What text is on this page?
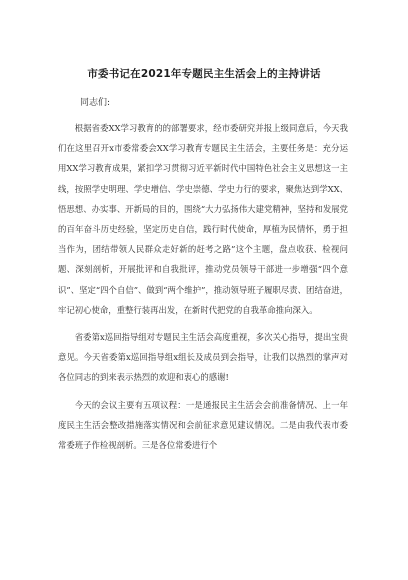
市委书记在2021年专题民主生活会上的主持讲话
同志们:

根据省委XX学习教育的的部署要求，经市委研究并报上级同意后，今天我们在这里召开x市委常委会XX学习教育专题民主生活会，主要任务是：充分运用XX学习教育成果，紧扣学习贯彻习近平新时代中国特色社会主义思想这一主线，按照学史明理、学史增信、学史崇德、学史力行的要求，聚焦达到学XX、悟思想、办实事、开新局的目的，围绕“大力弘扬伟大建党精神，坚持和发展党的百年奋斗历史经验，坚定历史自信，践行时代使命，厚植为民情怀，勇于担当作为，团结带领人民群众走好新的赶考之路”这个主题，盘点收获、检视问题、深刻剖析，开展批评和自我批评，推动党员领导干部进一步增强“四个意识”、坚定“四个自信”、做到“两个维护”，推动领导班子履职尽责、团结奋进，牢记初心使命，重整行装再出发，在新时代把党的自我革命推向深入。

省委第x巡回指导组对专题民主生活会高度重视，多次关心指导，提出宝贵意见。今天省委第x巡回指导组x组长及成员到会指导，让我们以热烈的掌声对各位同志的到来表示热烈的欢迎和衷心的感谢!

今天的会议主要有五项议程：一是通报民主生活会会前准备情况、上一年度民主生活会整改措施落实情况和会前征求意见建议情况。二是由我代表市委常委班子作检视剖析。三是各位常委进行个
